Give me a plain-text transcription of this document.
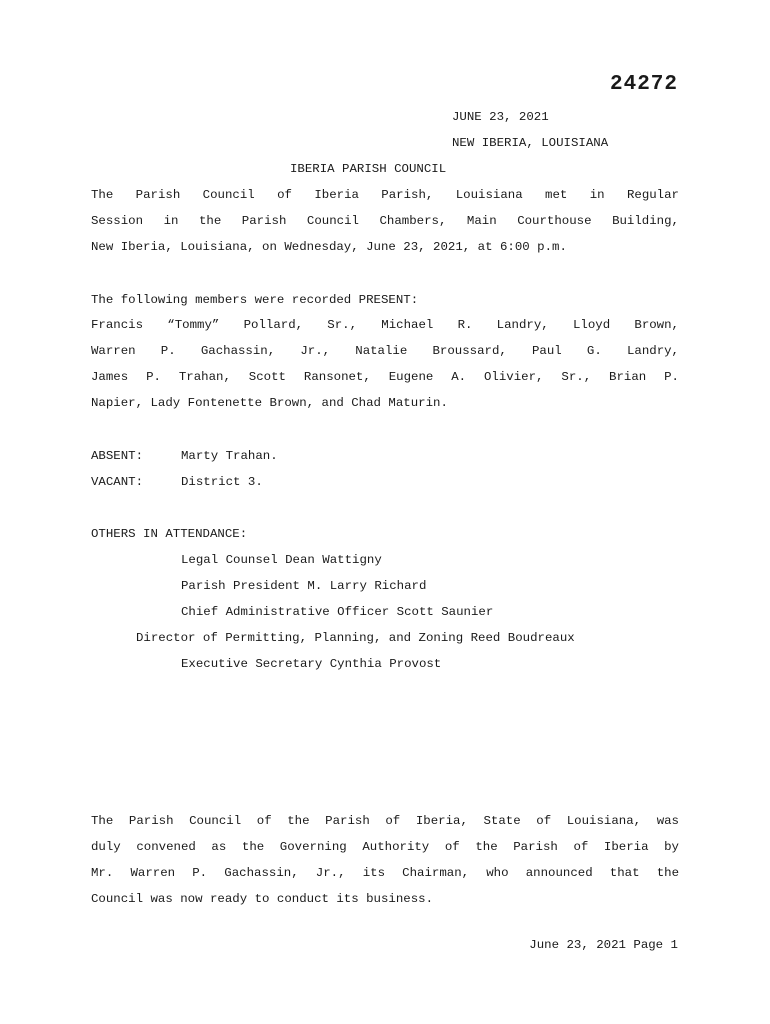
24272
JUNE 23, 2021
NEW IBERIA, LOUISIANA
IBERIA PARISH COUNCIL
The Parish Council of Iberia Parish, Louisiana met in Regular
Session in the Parish Council Chambers, Main Courthouse Building,
New Iberia, Louisiana, on Wednesday, June 23, 2021, at 6:00 p.m.
The following members were recorded PRESENT:
Francis “Tommy” Pollard, Sr., Michael R. Landry, Lloyd Brown,
Warren P. Gachassin, Jr., Natalie Broussard, Paul G. Landry,
James P. Trahan, Scott Ransonet, Eugene A. Olivier, Sr., Brian P.
Napier, Lady Fontenette Brown, and Chad Maturin.
ABSENT:	Marty Trahan.
VACANT:	District 3.
OTHERS IN ATTENDANCE:
Legal Counsel Dean Wattigny
Parish President M. Larry Richard
Chief Administrative Officer Scott Saunier
Director of Permitting, Planning, and Zoning Reed Boudreaux
Executive Secretary Cynthia Provost
The Parish Council of the Parish of Iberia, State of Louisiana, was
duly convened as the Governing Authority of the Parish of Iberia by
Mr. Warren P. Gachassin, Jr., its Chairman, who announced that the
Council was now ready to conduct its business.
June 23, 2021 Page 1
